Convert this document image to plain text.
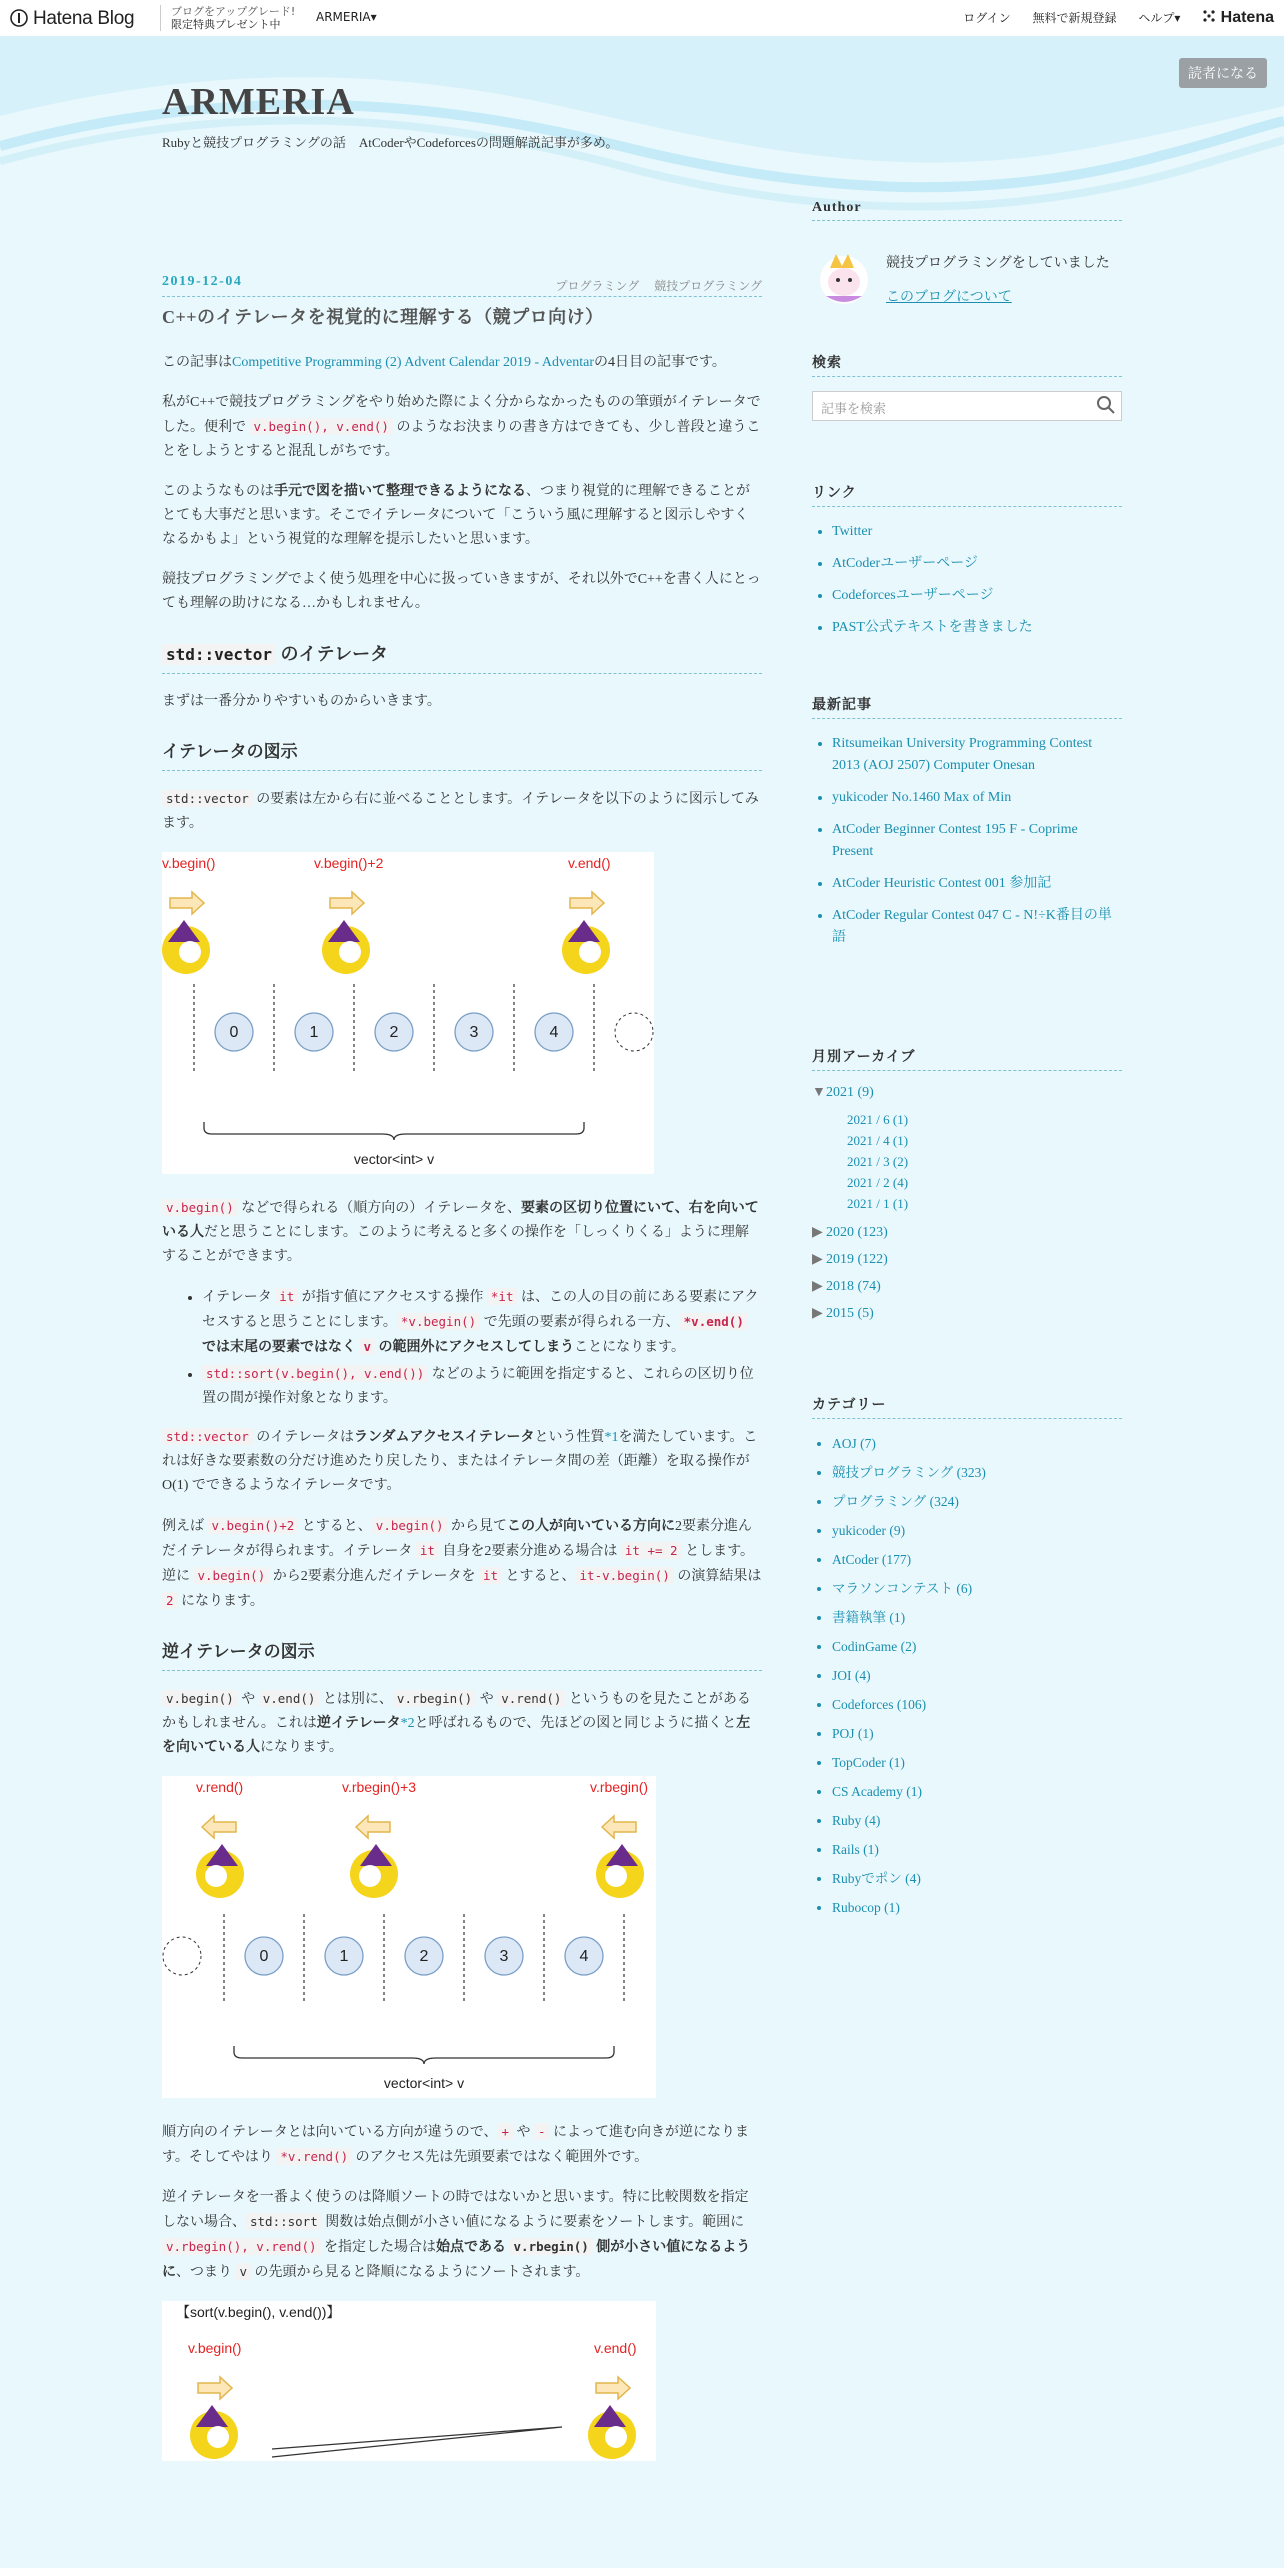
Hatena Blog	ブログをアップグレード!
限定特典プレゼント中
ARMERIA▾	ログイン 無料で新規登録 ヘルプ▾	Hatena
読者になる
ARMERIA
Rubyと競技プログラミングの話　AtCoderやCodeforcesの問題解説記事が多め。
2019-12-04	プログラミング 競技プログラミング
C++のイテレータを視覚的に理解する（競プロ向け）

この記事はCompetitive Programming (2) Advent Calendar 2019 - Adventarの4日目の記事です。

私がC++で競技プログラミングをやり始めた際によく分からなかったものの筆頭がイテレータでした。便利で v.begin(), v.end() のようなお決まりの書き方はできても、少し普段と違うことをしようとすると混乱しがちです。

このようなものは手元で図を描いて整理できるようになる、つまり視覚的に理解できることがとても大事だと思います。そこでイテレータについて「こういう風に理解すると図示しやすくなるかもよ」という視覚的な理解を提示したいと思います。

競技プログラミングでよく使う処理を中心に扱っていきますが、それ以外でC++を書く人にとっても理解の助けになる…かもしれません。

std::vector のイテレータ

まずは一番分かりやすいものからいきます。

イテレータの図示

std::vector の要素は左から右に並べることとします。イテレータを以下のように図示してみます。

v.begin()	v.begin()+2	v.end()
0	1	2	3	4
vector<int> v

v.begin() などで得られる（順方向の）イテレータを、要素の区切り位置にいて、右を向いている人だと思うことにします。このように考えると多くの操作を「しっくりくる」ように理解することができます。

• イテレータ it が指す値にアクセスする操作 *it は、この人の目の前にある要素にアクセスすると思うことにします。 *v.begin() で先頭の要素が得られる一方、 *v.end() では末尾の要素ではなく v の範囲外にアクセスしてしまうことになります。
• std::sort(v.begin(), v.end()) などのように範囲を指定すると、これらの区切り位置の間が操作対象となります。

std::vector のイテレータはランダムアクセスイテレータという性質*1を満たしています。これは好きな要素数の分だけ進めたり戻したり、またはイテレータ間の差（距離）を取る操作が O(1) でできるようなイテレータです。

例えば v.begin()+2 とすると、 v.begin() から見てこの人が向いている方向に2要素分進んだイテレータが得られます。イテレータ it 自身を2要素分進める場合は it += 2 とします。逆に v.begin() から2要素分進んだイテレータを it とすると、 it-v.begin() の演算結果は 2 になります。

逆イテレータの図示

v.begin() や v.end() とは別に、 v.rbegin() や v.rend() というものを見たことがあるかもしれません。これは逆イテレータ*2と呼ばれるもので、先ほどの図と同じように描くと左を向いている人になります。

v.rend()	v.rbegin()+3	v.rbegin()
0	1	2	3	4
vector<int> v

順方向のイテレータとは向いている方向が違うので、 + や - によって進む向きが逆になります。そしてやはり *v.rend() のアクセス先は先頭要素ではなく範囲外です。

逆イテレータを一番よく使うのは降順ソートの時ではないかと思います。特に比較関数を指定しない場合、 std::sort 関数は始点側が小さい値になるように要素をソートします。範囲に v.rbegin(), v.rend() を指定した場合は始点である v.rbegin() 側が小さい値になるように、つまり v の先頭から見ると降順になるようにソートされます。

【sort(v.begin(), v.end())】
v.begin()	v.end()
Author
競技プログラミングをしていました
このブログについて
検索
記事を検索
リンク
• Twitter
• AtCoderユーザーページ
• Codeforcesユーザーページ
• PAST公式テキストを書きました
最新記事
• Ritsumeikan University Programming Contest 2013 (AOJ 2507) Computer Onesan
• yukicoder No.1460 Max of Min
• AtCoder Beginner Contest 195 F - Coprime Present
• AtCoder Heuristic Contest 001 参加記
• AtCoder Regular Contest 047 C - N!÷K番目の単語
月別アーカイブ
▼2021 (9)
2021 / 6 (1)
2021 / 4 (1)
2021 / 3 (2)
2021 / 2 (4)
2021 / 1 (1)
▶ 2020 (123)
▶ 2019 (122)
▶ 2018 (74)
▶ 2015 (5)
カテゴリー
• AOJ (7)
• 競技プログラミング (323)
• プログラミング (324)
• yukicoder (9)
• AtCoder (177)
• マラソンコンテスト (6)
• 書籍執筆 (1)
• CodinGame (2)
• JOI (4)
• Codeforces (106)
• POJ (1)
• TopCoder (1)
• CS Academy (1)
• Ruby (4)
• Rails (1)
• Rubyでポン (4)
• Rubocop (1)
